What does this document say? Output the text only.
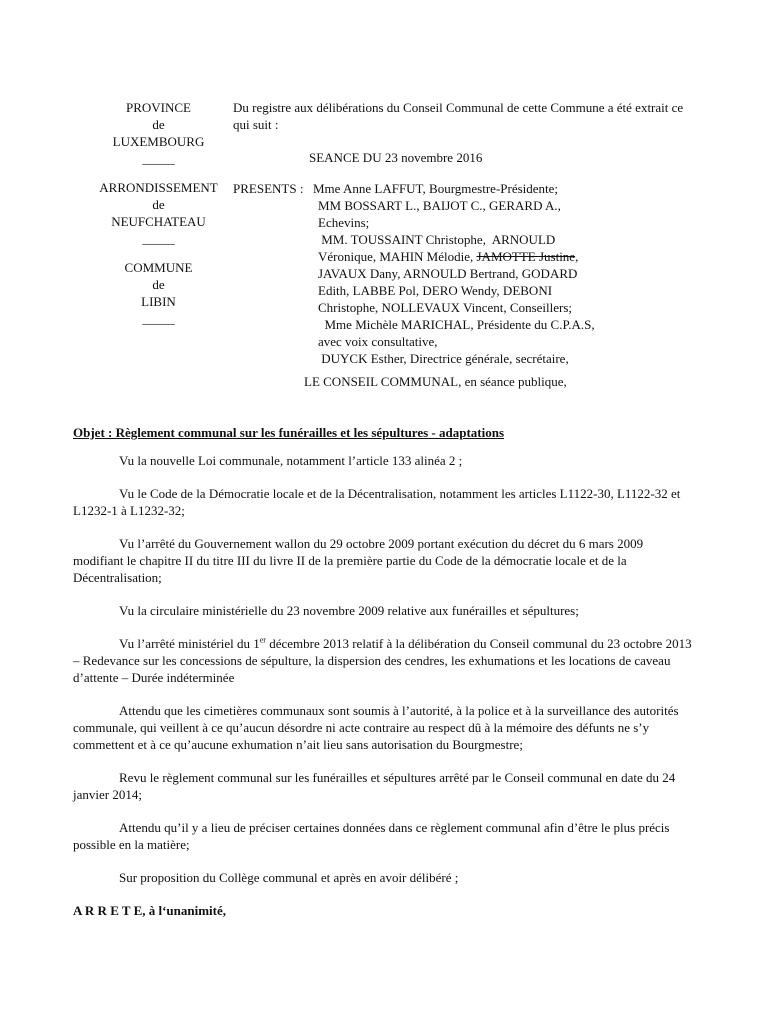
PROVINCE
de
LUXEMBOURG
_____
ARRONDISSEMENT
de
NEUFCHATEAU
_____
COMMUNE
de
LIBIN
_____

Du registre aux délibérations du Conseil Communal de cette Commune a été extrait ce qui suit :

SEANCE DU 23 novembre 2016

PRESENTS : Mme Anne LAFFUT, Bourgmestre-Présidente;
MM BOSSART L., BAIJOT C., GERARD A.,
Echevins;
MM. TOUSSAINT Christophe,  ARNOULD
Véronique, MAHIN Mélodie, JAMOTTE Justine,
JAVAUX Dany, ARNOULD Bertrand, GODARD
Edith, LABBE Pol, DERO Wendy, DEBONI
Christophe, NOLLEVAUX Vincent, Conseillers;
Mme Michèle MARICHAL, Présidente du C.P.A.S,
avec voix consultative,
DUYCK Esther, Directrice générale, secrétaire,
LE CONSEIL COMMUNAL, en séance publique,

Objet : Règlement communal sur les funérailles et les sépultures - adaptations

Vu la nouvelle Loi communale, notamment l’article 133 alinéa 2 ;

Vu le Code de la Démocratie locale et de la Décentralisation, notamment les articles L1122-30, L1122-32 et L1232-1 à L1232-32;

Vu l’arrêté du Gouvernement wallon du 29 octobre 2009 portant exécution du décret du 6 mars 2009 modifiant le chapitre II du titre III du livre II de la première partie du Code de la démocratie locale et de la Décentralisation;

Vu la circulaire ministérielle du 23 novembre 2009 relative aux funérailles et sépultures;

Vu l’arrêté ministériel du 1er décembre 2013 relatif à la délibération du Conseil communal du 23 octobre 2013 – Redevance sur les concessions de sépulture, la dispersion des cendres, les exhumations et les locations de caveau d’attente – Durée indéterminée

Attendu que les cimetières communaux sont soumis à l’autorité, à la police et à la surveillance des autorités communale, qui veillent à ce qu’aucun désordre ni acte contraire au respect dû à la mémoire des défunts ne s’y commettent et à ce qu’aucune exhumation n’ait lieu sans autorisation du Bourgmestre;

Revu le règlement communal sur les funérailles et sépultures arrêté par le Conseil communal en date du 24 janvier 2014;

Attendu qu’il y a lieu de préciser certaines données dans ce règlement communal afin d’être le plus précis possible en la matière;

Sur proposition du Collège communal et après en avoir délibéré ;

A R R E T E, à l‘unanimité,
